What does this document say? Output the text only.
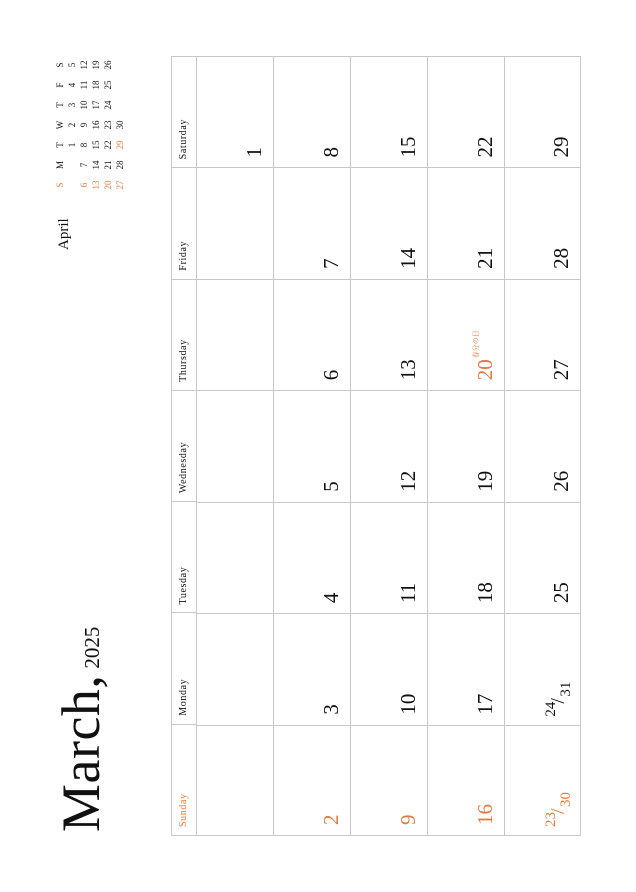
March,2025
April
S
M
T
W
T
F
S
1
2
3
4
5
6
7
8
9
10
11
12
13
14
15
16
17
18
19
20
21
22
23
24
25
26
27
28
29
30
Sunday
Monday
Tuesday
Wednesday
Thursday
Friday
Saturday	1
2
3
4
5
6
7
8
9
10
11
12
13
14
15
16
17
18
19
$20^{春分の日}$
21
22
23
/
30
24
/
31
25
26
27
28
29
